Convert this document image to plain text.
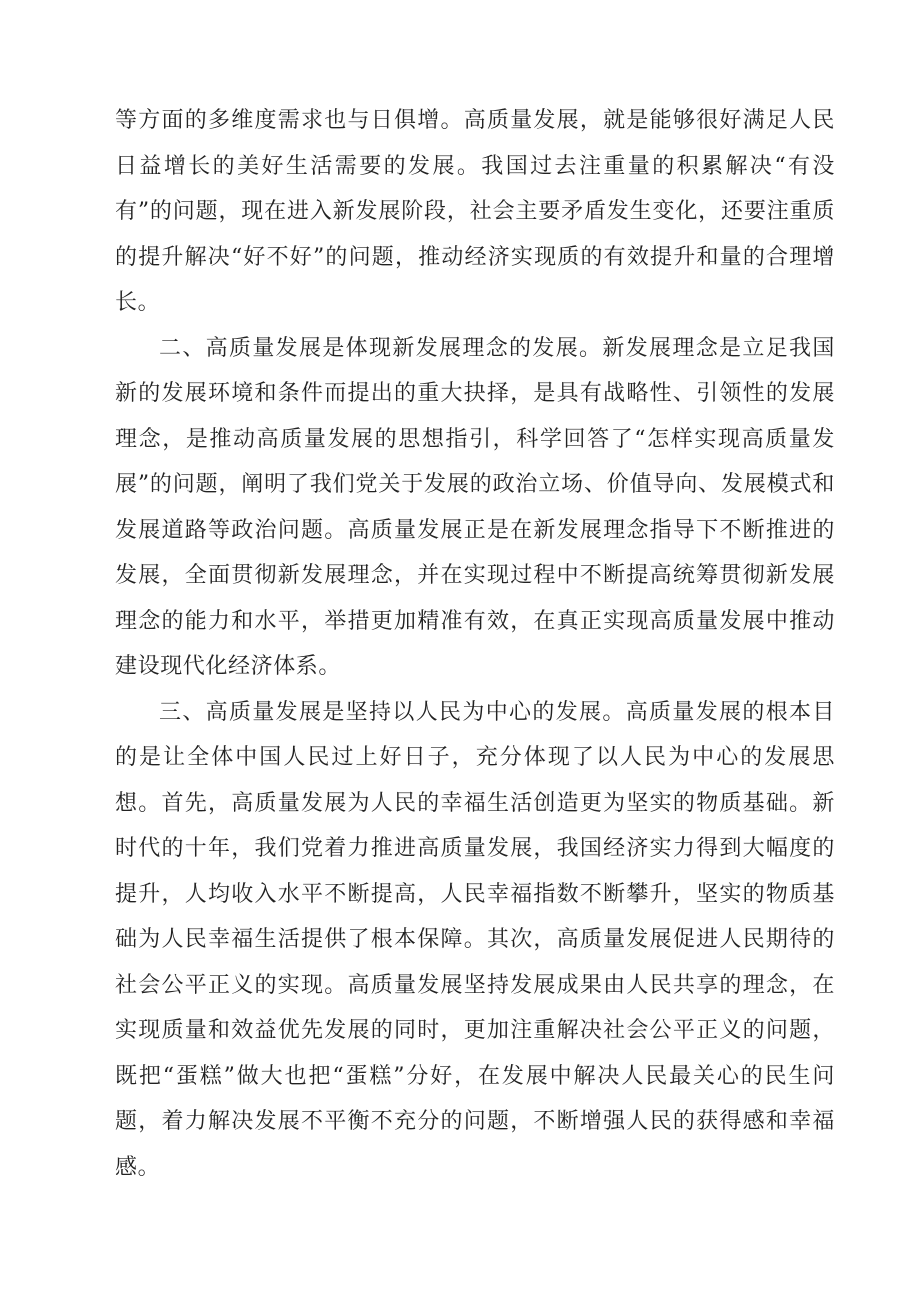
等方面的多维度需求也与日俱增。高质量发展，就是能够很好满足人民日益增长的美好生活需要的发展。我国过去注重量的积累解决“有没有”的问题，现在进入新发展阶段，社会主要矛盾发生变化，还要注重质的提升解决“好不好”的问题，推动经济实现质的有效提升和量的合理增长。

二、高质量发展是体现新发展理念的发展。新发展理念是立足我国新的发展环境和条件而提出的重大抉择，是具有战略性、引领性的发展理念，是推动高质量发展的思想指引，科学回答了“怎样实现高质量发展”的问题，阐明了我们党关于发展的政治立场、价值导向、发展模式和发展道路等政治问题。高质量发展正是在新发展理念指导下不断推进的发展，全面贯彻新发展理念，并在实现过程中不断提高统筹贯彻新发展理念的能力和水平，举措更加精准有效，在真正实现高质量发展中推动建设现代化经济体系。

三、高质量发展是坚持以人民为中心的发展。高质量发展的根本目的是让全体中国人民过上好日子，充分体现了以人民为中心的发展思想。首先，高质量发展为人民的幸福生活创造更为坚实的物质基础。新时代的十年，我们党着力推进高质量发展，我国经济实力得到大幅度的提升，人均收入水平不断提高，人民幸福指数不断攀升，坚实的物质基础为人民幸福生活提供了根本保障。其次，高质量发展促进人民期待的社会公平正义的实现。高质量发展坚持发展成果由人民共享的理念，在实现质量和效益优先发展的同时，更加注重解决社会公平正义的问题，既把“蛋糕”做大也把“蛋糕”分好，在发展中解决人民最关心的民生问题，着力解决发展不平衡不充分的问题，不断增强人民的获得感和幸福感。
